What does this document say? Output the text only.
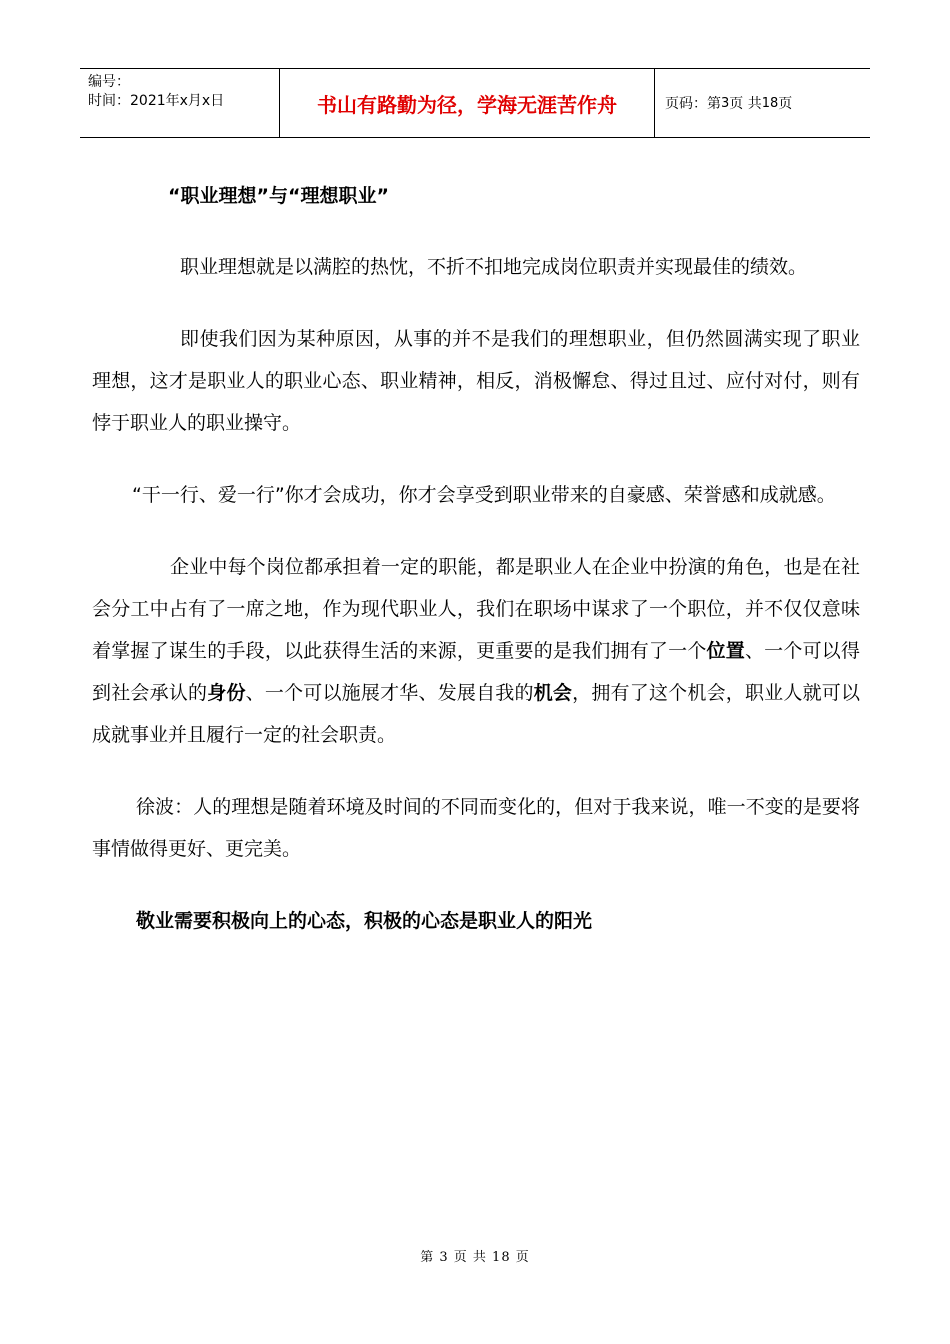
编号：
时间：2021年x月x日	书山有路勤为径，学海无涯苦作舟	页码：第 3 页 共 18 页
“职业理想”与“理想职业”

职业理想就是以满腔的热忱，不折不扣地完成岗位职责并实现最佳的绩效。

即使我们因为某种原因，从事的并不是我们的理想职业，但仍然圆满实现了职业理想，这才是职业人的职业心态、职业精神，相反，消极懈怠、得过且过、应付对付，则有悖于职业人的职业操守。

“干一行、爱一行”你才会成功，你才会享受到职业带来的自豪感、荣誉感和成就感。

企业中每个岗位都承担着一定的职能，都是职业人在企业中扮演的角色，也是在社会分工中占有了一席之地，作为现代职业人，我们在职场中谋求了一个职位，并不仅仅意味着掌握了谋生的手段，以此获得生活的来源，更重要的是我们拥有了一个位置、一个可以得到社会承认的身份、一个可以施展才华、发展自我的机会，拥有了这个机会，职业人就可以成就事业并且履行一定的社会职责。

徐波：人的理想是随着环境及时间的不同而变化的，但对于我来说，唯一不变的是要将事情做得更好、更完美。

敬业需要积极向上的心态，积极的心态是职业人的阳光
第 3 页 共 18 页
